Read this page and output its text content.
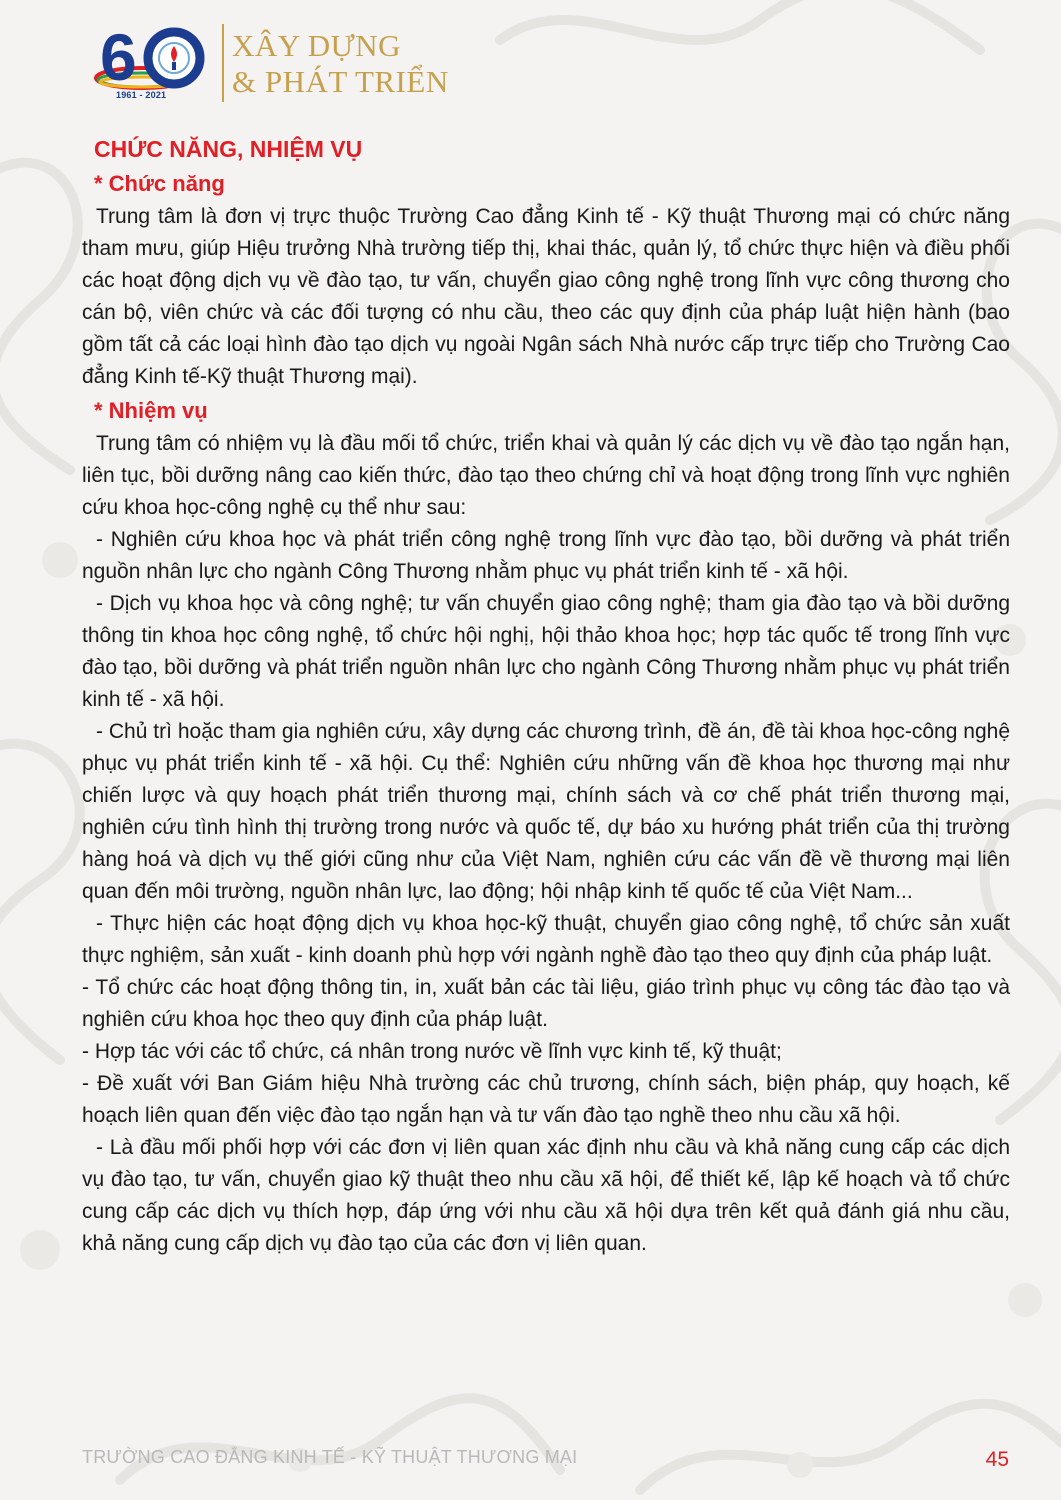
6
1961 - 2021
XÂY DỰNG
& PHÁT TRIỂN
CHỨC NĂNG, NHIỆM VỤ
* Chức năng

Trung tâm là đơn vị trực thuộc Trường Cao đẳng Kinh tế - Kỹ thuật Thương mại có chức năng tham mưu, giúp Hiệu trưởng Nhà trường tiếp thị, khai thác, quản lý, tổ chức thực hiện và điều phối các hoạt động dịch vụ về đào tạo, tư vấn, chuyển giao công nghệ trong lĩnh vực công thương cho cán bộ, viên chức và các đối tượng có nhu cầu, theo các quy định của pháp luật hiện hành (bao gồm tất cả các loại hình đào tạo dịch vụ ngoài Ngân sách Nhà nước cấp trực tiếp cho Trường Cao đẳng Kinh tế-Kỹ thuật Thương mại).

* Nhiệm vụ

Trung tâm có nhiệm vụ là đầu mối tổ chức, triển khai và quản lý các dịch vụ về đào tạo ngắn hạn, liên tục, bồi dưỡng nâng cao kiến thức, đào tạo theo chứng chỉ và hoạt động trong lĩnh vực nghiên cứu khoa học-công nghệ cụ thể như sau:

- Nghiên cứu khoa học và phát triển công nghệ trong lĩnh vực đào tạo, bồi dưỡng và phát triển nguồn nhân lực cho ngành Công Thương nhằm phục vụ phát triển kinh tế - xã hội.

- Dịch vụ khoa học và công nghệ; tư vấn chuyển giao công nghệ; tham gia đào tạo và bồi dưỡng thông tin khoa học công nghệ, tổ chức hội nghị, hội thảo khoa học; hợp tác quốc tế trong lĩnh vực đào tạo, bồi dưỡng và phát triển nguồn nhân lực cho ngành Công Thương nhằm phục vụ phát triển kinh tế - xã hội.

- Chủ trì hoặc tham gia nghiên cứu, xây dựng các chương trình, đề án, đề tài khoa học-công nghệ phục vụ phát triển kinh tế - xã hội. Cụ thể: Nghiên cứu những vấn đề khoa học thương mại như chiến lược và quy hoạch phát triển thương mại, chính sách và cơ chế phát triển thương mại, nghiên cứu tình hình thị trường trong nước và quốc tế, dự báo xu hướng phát triển của thị trường hàng hoá và dịch vụ thế giới cũng như của Việt Nam, nghiên cứu các vấn đề về thương mại liên quan đến môi trường, nguồn nhân lực, lao động; hội nhập kinh tế quốc tế của Việt Nam...

- Thực hiện các hoạt động dịch vụ khoa học-kỹ thuật, chuyển giao công nghệ, tổ chức sản xuất thực nghiệm, sản xuất - kinh doanh phù hợp với ngành nghề đào tạo theo quy định của pháp luật.

- Tổ chức các hoạt động thông tin, in, xuất bản các tài liệu, giáo trình phục vụ công tác đào tạo và nghiên cứu khoa học theo quy định của pháp luật.

- Hợp tác với các tổ chức, cá nhân trong nước về lĩnh vực kinh tế, kỹ thuật;

- Đề xuất với Ban Giám hiệu Nhà trường các chủ trương, chính sách, biện pháp, quy hoạch, kế hoạch liên quan đến việc đào tạo ngắn hạn và tư vấn đào tạo nghề theo nhu cầu xã hội.

- Là đầu mối phối hợp với các đơn vị liên quan xác định nhu cầu và khả năng cung cấp các dịch vụ đào tạo, tư vấn, chuyển giao kỹ thuật theo nhu cầu xã hội, để thiết kế, lập kế hoạch và tổ chức cung cấp các dịch vụ thích hợp, đáp ứng với nhu cầu xã hội dựa trên kết quả đánh giá nhu cầu, khả năng cung cấp dịch vụ đào tạo của các đơn vị liên quan.

TRƯỜNG CAO ĐẲNG KINH TẾ - KỸ THUẬT THƯƠNG MẠI	45
